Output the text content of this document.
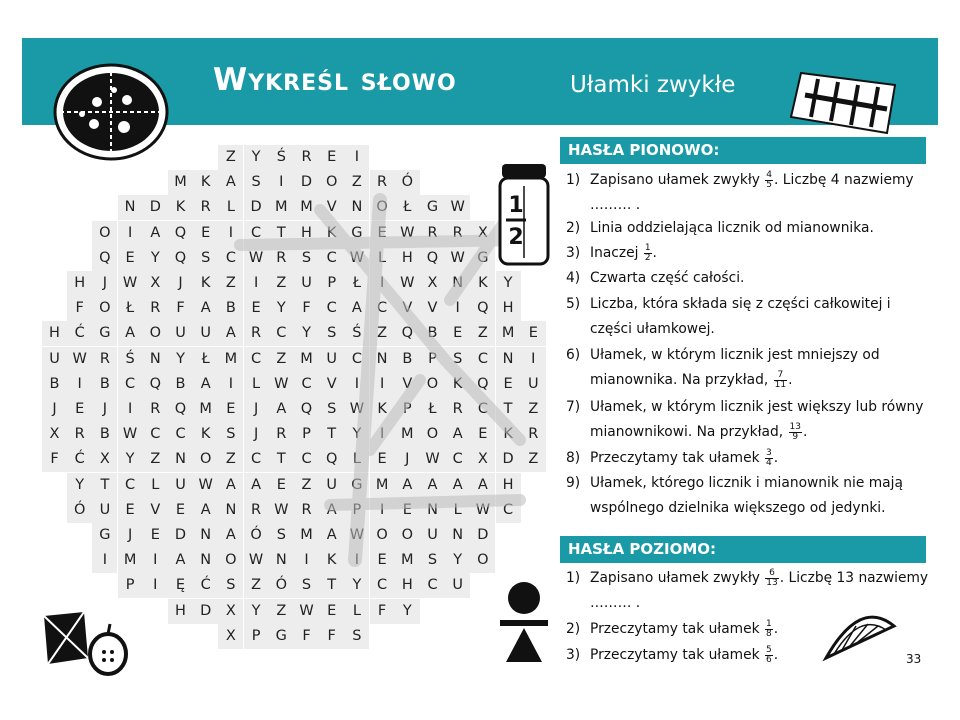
Wykreśl słowo	Ułamki zwykłe
Z	Y	Ś	R	E	I
M K	A	S	I	D O	Z	R Ó
N D	K	R	L	D M M V	N O	Ł	G W
O	I	A	Q	E	I	C	T	H	K	G	E W R	R	X
Q	E	Y	Q	S	C W R	S	C W L	H Q W G
H	J	W X	J	K	Z	I	Z	U	P	Ł	I	W X	N	K	Y
F	O	Ł	R	F	A	B	E	Y	F	C	A	C	V	V	I	Q H
H	Ć	G	A	O U	U	A	R	C	Y	S	Ś	Z	Q	B	E	Z M E
U W R	Ś	N	Y	Ł	M C	Z M U	C	N	B	P	S	C	N	I
B	I	B	C Q	B	A	I	L W C	V	I	I	V	O	K	Q	E	U
J	E	J	I	R Q M E	J	A	Q	S W K	P	Ł	R	C	T	Z
X	R	B W C	C	K	S	J	R	P	T	Y	I	M O	A	E	K	R
F	Ć	X	Y	Z	N O	Z	C	T	C Q	L	E	J	W C	X	D	Z
Y	T	C	L	U W A	A	E	Z	U G M A	A	A	A	H
Ó U	E	V	E	A	N	R W R	A	P	I	E	N	L W C
G	J	E	D N	A	Ó	S M A W O O U N D
I	M	I	A	N O W N	I	K	I	E M S	Y	O
P	I	Ę	Ć	S	Z	Ó	S	T	Y	C	H	C	U
H D	X	Y	Z W E	L	F	Y
X	P	G	F	F	S
1
2
HASŁA PIONOWO:
1) Zapisano ułamek zwykły $\frac{4}{5}$ . Liczbę 4 nazwiemy
……… .
2) Linia oddzielająca licznik od mianownika.
3) Inaczej $\frac{1}{2}$ .
4) Czwarta część całości.
5) Liczba, która składa się z części całkowitej i
części ułamkowej.
6) Ułamek, w którym licznik jest mniejszy od
mianownika. Na przykład, $\frac{7}{11}$ .
7) Ułamek, w którym licznik jest większy lub równy
mianownikowi. Na przykład, $\frac{13}{9}$ .
8) Przeczytamy tak ułamek $\frac{3}{4}$ .
9) Ułamek, którego licznik i mianownik nie mają
wspólnego dzielnika większego od jedynki.
HASŁA POZIOMO:
1) Zapisano ułamek zwykły $\frac{6}{13}$ . Liczbę 13 nazwiemy
……… .
2) Przeczytamy tak ułamek $\frac{1}{8}$ .
3) Przeczytamy tak ułamek $\frac{5}{6}$ .	33
